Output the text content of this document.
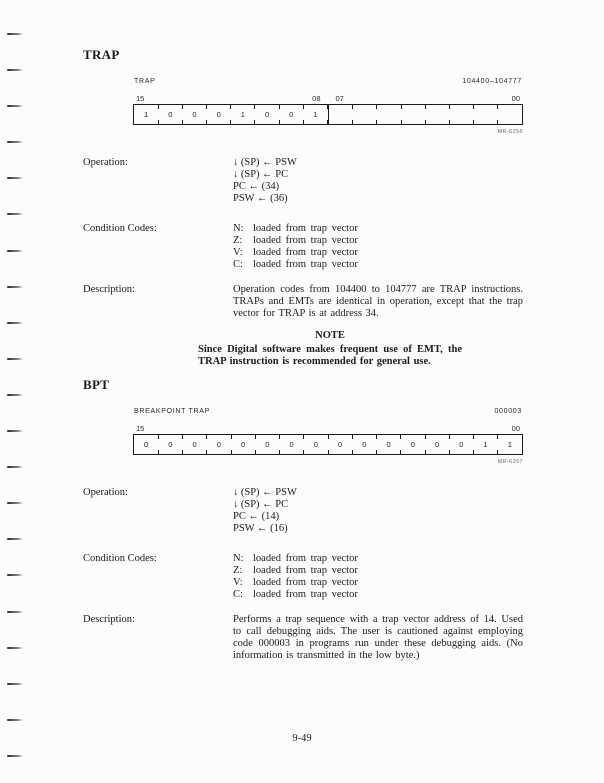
TRAP
TRAP	104400–104777
15	08 07	00
1	0	0	0	1	0	0	1
MR-6256
Operation:	↓ (SP) ← PSW
↓ (SP) ← PC
PC ← (34)
PSW ← (36)
Condition Codes:	N: loaded from trap vector
Z: loaded from trap vector
V: loaded from trap vector
C: loaded from trap vector
Description:	Operation codes from 104400 to 104777 are TRAP instructions. TRAPs and EMTs are identical in operation, except that the trap vector for TRAP is at address 34.
NOTE
Since Digital software makes frequent use of EMT, the TRAP instruction is recommended for general use.
BPT
BREAKPOINT TRAP	000003
15	00
0	0	0	0	0	0	0	0	0	0	0	0	0	0	1	1
MR-6257
Operation:	↓ (SP) ← PSW
↓ (SP) ← PC
PC ← (14)
PSW ← (16)
Condition Codes:	N: loaded from trap vector
Z: loaded from trap vector
V: loaded from trap vector
C: loaded from trap vector
Description:	Performs a trap sequence with a trap vector address of 14. Used to call debugging aids. The user is cautioned against employing code 000003 in programs run under these debugging aids. (No information is transmitted in the low byte.)
9-49
